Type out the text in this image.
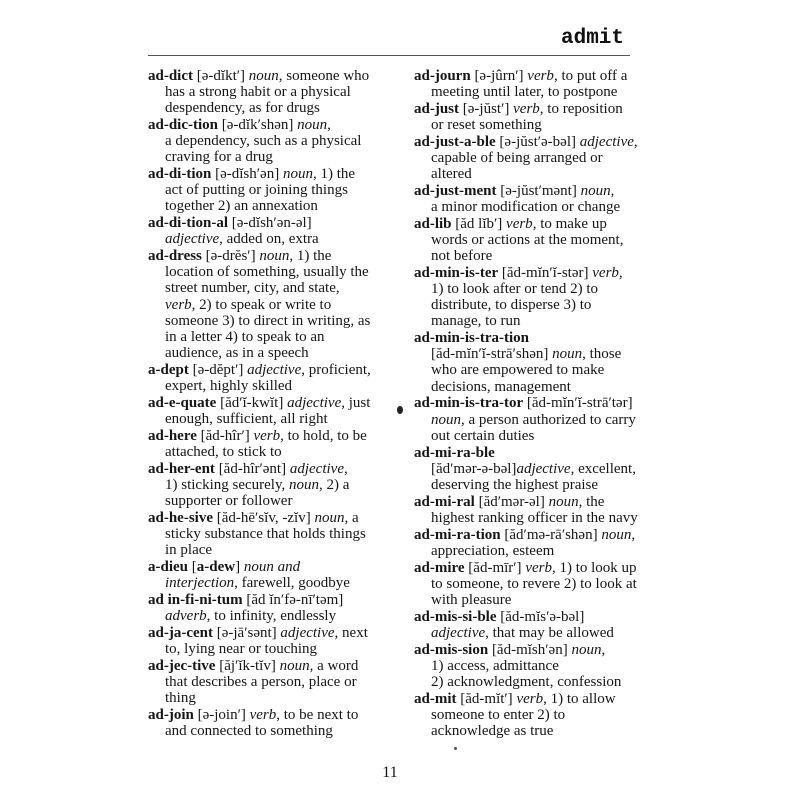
admit
ad-dict [ə-dĭkt′] noun, someone who
has a strong habit or a physical
despendency, as for drugs
ad-dic-tion [ə-dĭk′shən] noun,
a dependency, such as a physical
craving for a drug
ad-di-tion [ə-dĭsh′ən] noun, 1) the
act of putting or joining things
together 2) an annexation
ad-di-tion-al [ə-dĭsh′ən-əl]
adjective, added on, extra
ad-dress [ə-drĕs′] noun, 1) the
location of something, usually the
street number, city, and state,
verb, 2) to speak or write to
someone 3) to direct in writing, as
in a letter 4) to speak to an
audience, as in a speech
a-dept [ə-dĕpt′] adjective, proficient,
expert, highly skilled
ad-e-quate [ăd′ĭ-kwĭt] adjective, just
enough, sufficient, all right
ad-here [ăd-hîr′] verb, to hold, to be
attached, to stick to
ad-her-ent [ăd-hîr′ənt] adjective,
1) sticking securely, noun, 2) a
supporter or follower
ad-he-sive [ăd-hē′sĭv, -zĭv] noun, a
sticky substance that holds things
in place
a-dieu [a-dew] noun and
interjection, farewell, goodbye
ad in-fi-ni-tum [ăd ĭn′fə-nī′təm]
adverb, to infinity, endlessly
ad-ja-cent [ə-jā′sənt] adjective, next
to, lying near or touching
ad-jec-tive [ăj′ĭk-tĭv] noun, a word
that describes a person, place or
thing
ad-join [ə-join′] verb, to be next to
and connected to something
ad-journ [ə-jûrn′] verb, to put off a
meeting until later, to postpone
ad-just [ə-jŭst′] verb, to reposition
or reset something
ad-just-a-ble [ə-jŭst′ə-bəl] adjective,
capable of being arranged or
altered
ad-just-ment [ə-jŭst′mənt] noun,
a minor modification or change
ad-lib [ăd lĭb′] verb, to make up
words or actions at the moment,
not before
ad-min-is-ter [ăd-mĭn′ĭ-stər] verb,
1) to look after or tend 2) to
distribute, to disperse 3) to
manage, to run
ad-min-is-tra-tion
[ăd-mĭn′ĭ-strā′shən] noun, those
who are empowered to make
decisions, management
ad-min-is-tra-tor [ăd-mĭn′ĭ-strā′tər]
noun, a person authorized to carry
out certain duties
ad-mi-ra-ble
[ăd′mər-ə-bəl]adjective, excellent,
deserving the highest praise
ad-mi-ral [ăd′mər-əl] noun, the
highest ranking officer in the navy
ad-mi-ra-tion [ăd′mə-rā′shən] noun,
appreciation, esteem
ad-mire [ăd-mīr′] verb, 1) to look up
to someone, to revere 2) to look at
with pleasure
ad-mis-si-ble [ăd-mĭs′ə-bəl]
adjective, that may be allowed
ad-mis-sion [ăd-mĭsh′ən] noun,
1) access, admittance
2) acknowledgment, confession
ad-mit [ăd-mĭt′] verb, 1) to allow
someone to enter 2) to
acknowledge as true
11
